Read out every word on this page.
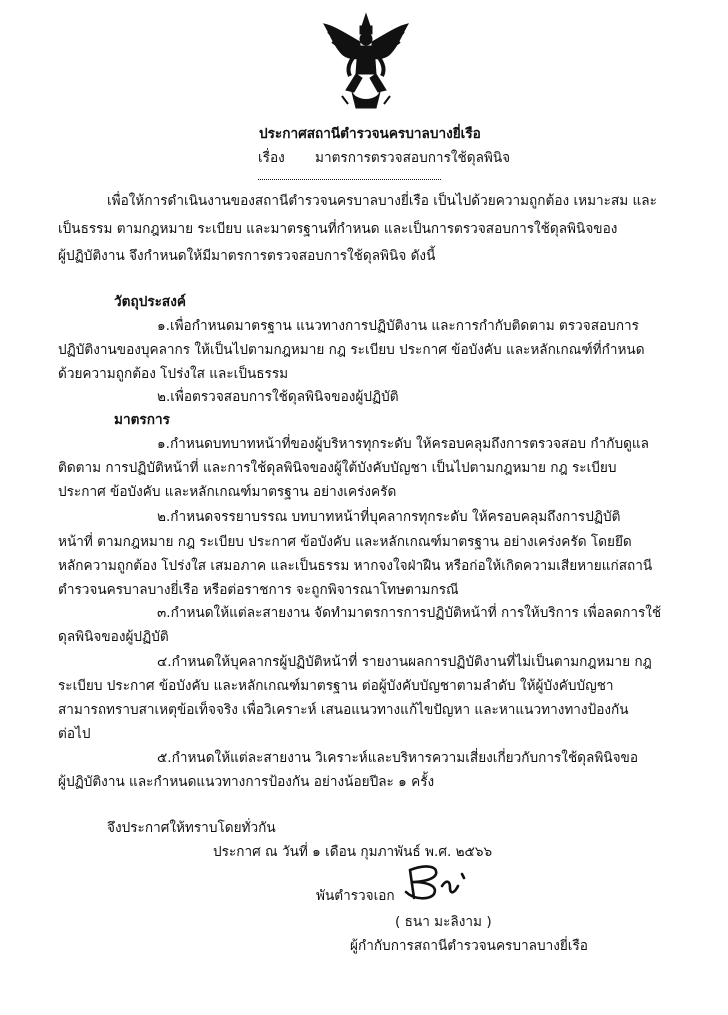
ประกาศสถานีตำรวจนครบาลบางยี่เรือ

เรื่อง มาตรการตรวจสอบการใช้ดุลพินิจ

เพื่อให้การดำเนินงานของสถานีตำรวจนครบาลบางยี่เรือ เป็นไปด้วยความถูกต้อง เหมาะสม และ

เป็นธรรม ตามกฎหมาย ระเบียบ และมาตรฐานที่กำหนด และเป็นการตรวจสอบการใช้ดุลพินิจของ

ผู้ปฏิบัติงาน จึงกำหนดให้มีมาตรการตรวจสอบการใช้ดุลพินิจ ดังนี้

วัตถุประสงค์

๑.เพื่อกำหนดมาตรฐาน แนวทางการปฏิบัติงาน และการกำกับติดตาม ตรวจสอบการ

ปฏิบัติงานของบุคลากร ให้เป็นไปตามกฎหมาย กฎ ระเบียบ ประกาศ ข้อบังคับ และหลักเกณฑ์ที่กำหนด

ด้วยความถูกต้อง โปร่งใส และเป็นธรรม

๒.เพื่อตรวจสอบการใช้ดุลพินิจของผู้ปฏิบัติ

มาตรการ

๑.กำหนดบทบาทหน้าที่ของผู้บริหารทุกระดับ ให้ครอบคลุมถึงการตรวจสอบ กำกับดูแล

ติดตาม การปฏิบัติหน้าที่ และการใช้ดุลพินิจของผู้ใต้บังคับบัญชา เป็นไปตามกฎหมาย กฎ ระเบียบ

ประกาศ ข้อบังคับ และหลักเกณฑ์มาตรฐาน อย่างเคร่งครัด

๒.กำหนดจรรยาบรรณ บทบาทหน้าที่บุคลากรทุกระดับ ให้ครอบคลุมถึงการปฏิบัติ

หน้าที่ ตามกฎหมาย กฎ ระเบียบ ประกาศ ข้อบังคับ และหลักเกณฑ์มาตรฐาน อย่างเคร่งครัด โดยยึด

หลักความถูกต้อง โปร่งใส เสมอภาค และเป็นธรรม หากจงใจฝ่าฝืน หรือก่อให้เกิดความเสียหายแก่สถานี

ตำรวจนครบาลบางยี่เรือ หรือต่อราชการ จะถูกพิจารณาโทษตามกรณี

๓.กำหนดให้แต่ละสายงาน จัดทำมาตรการการปฏิบัติหน้าที่ การให้บริการ เพื่อลดการใช้

ดุลพินิจของผู้ปฏิบัติ

๔.กำหนดให้บุคลากรผู้ปฏิบัติหน้าที่ รายงานผลการปฏิบัติงานที่ไม่เป็นตามกฎหมาย กฎ

ระเบียบ ประกาศ ข้อบังคับ และหลักเกณฑ์มาตรฐาน ต่อผู้บังคับบัญชาตามลำดับ ให้ผู้บังคับบัญชา

สามารถทราบสาเหตุข้อเท็จจริง เพื่อวิเคราะห์ เสนอแนวทางแก้ไขปัญหา และหาแนวทางทางป้องกัน

ต่อไป

๕.กำหนดให้แต่ละสายงาน วิเคราะห์และบริหารความเสี่ยงเกี่ยวกับการใช้ดุลพินิจขอ

ผู้ปฏิบัติงาน และกำหนดแนวทางการป้องกัน อย่างน้อยปีละ ๑ ครั้ง

จึงประกาศให้ทราบโดยทั่วกัน

ประกาศ ณ วันที่ ๑ เดือน กุมภาพันธ์ พ.ศ. ๒๕๖๖

พันตำรวจเอก

( ธนา มะลิงาม )

ผู้กำกับการสถานีตำรวจนครบาลบางยี่เรือ
